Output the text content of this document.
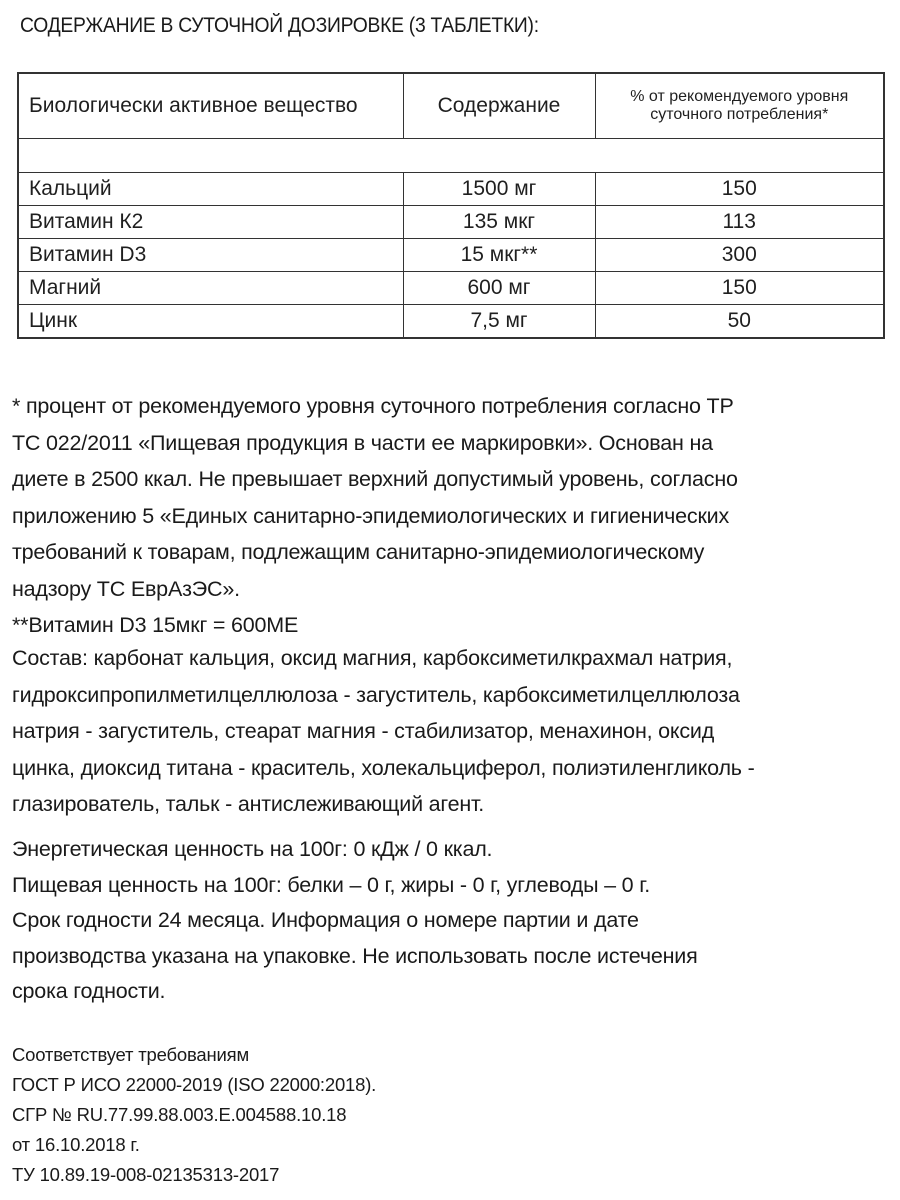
СОДЕРЖАНИЕ В СУТОЧНОЙ ДОЗИРОВКЕ (3 ТАБЛЕТКИ):
Биологически активное вещество	Содержание	% от рекомендуемого уровня
суточного потребления*

Кальций	1500 мг	150
Витамин К2	135 мкг	113
Витамин D3	15 мкг**	300
Магний	600 мг	150
Цинк	7,5 мг	50

* процент от рекомендуемого уровня суточного потребления согласно ТР

ТС 022/2011 «Пищевая продукция в части ее маркировки». Основан на

диете в 2500 ккал. Не превышает верхний допустимый уровень, согласно

приложению 5 «Единых санитарно-эпидемиологических и гигиенических

требований к товарам, подлежащим санитарно-эпидемиологическому

надзору ТС ЕврАзЭС».

**Витамин D3 15мкг = 600МЕ

Состав: карбонат кальция, оксид магния, карбоксиметилкрахмал натрия,

гидроксипропилметилцеллюлоза - загуститель, карбоксиметилцеллюлоза

натрия - загуститель, стеарат магния - стабилизатор, менахинон, оксид

цинка, диоксид титана - краситель, холекальциферол, полиэтиленгликоль -

глазирователь, тальк - антислеживающий агент.

Энергетическая ценность на 100г: 0 кДж / 0 ккал.

Пищевая ценность на 100г: белки – 0 г, жиры - 0 г, углеводы – 0 г.

Срок годности 24 месяца. Информация о номере партии и дате

производства указана на упаковке. Не использовать после истечения

срока годности.

Соответствует требованиям

ГОСТ Р ИСО 22000-2019 (ISO 22000:2018).

СГР № RU.77.99.88.003.Е.004588.10.18

от 16.10.2018 г.

ТУ 10.89.19-008-02135313-2017
